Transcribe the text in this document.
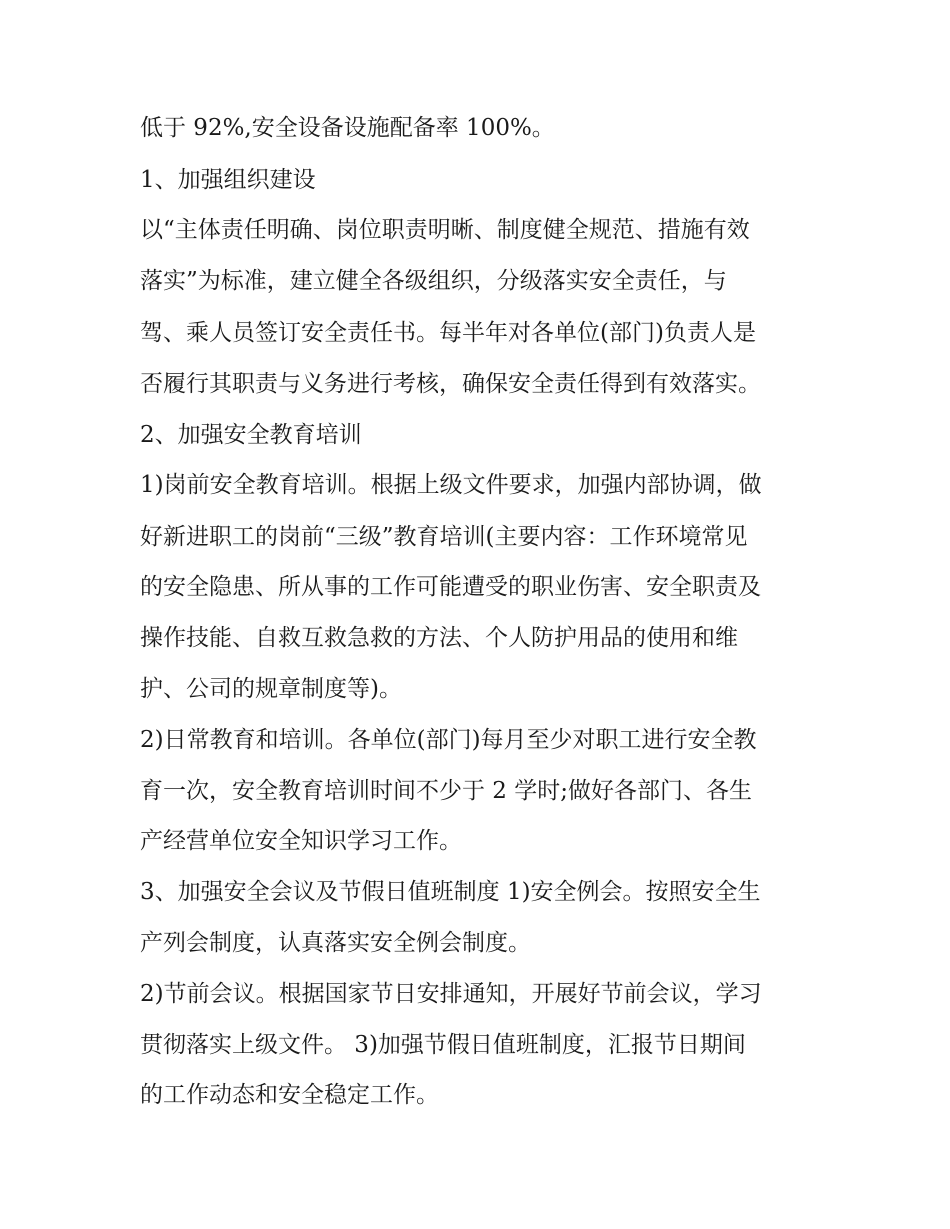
低于 92%,安全设备设施配备率 100%。

1、加强组织建设

以“主体责任明确、岗位职责明晰、制度健全规范、措施有效

落实”为标准，建立健全各级组织，分级落实安全责任，与

驾、乘人员签订安全责任书。每半年对各单位(部门)负责人是

否履行其职责与义务进行考核，确保安全责任得到有效落实。

2、加强安全教育培训

1)岗前安全教育培训。根据上级文件要求，加强内部协调，做

好新进职工的岗前“三级”教育培训(主要内容：工作环境常见

的安全隐患、所从事的工作可能遭受的职业伤害、安全职责及

操作技能、自救互救急救的方法、个人防护用品的使用和维

护、公司的规章制度等)。

2)日常教育和培训。各单位(部门)每月至少对职工进行安全教

育一次，安全教育培训时间不少于 2 学时;做好各部门、各生

产经营单位安全知识学习工作。

3、加强安全会议及节假日值班制度 1)安全例会。按照安全生

产列会制度，认真落实安全例会制度。

2)节前会议。根据国家节日安排通知，开展好节前会议，学习

贯彻落实上级文件。 3)加强节假日值班制度，汇报节日期间

的工作动态和安全稳定工作。
